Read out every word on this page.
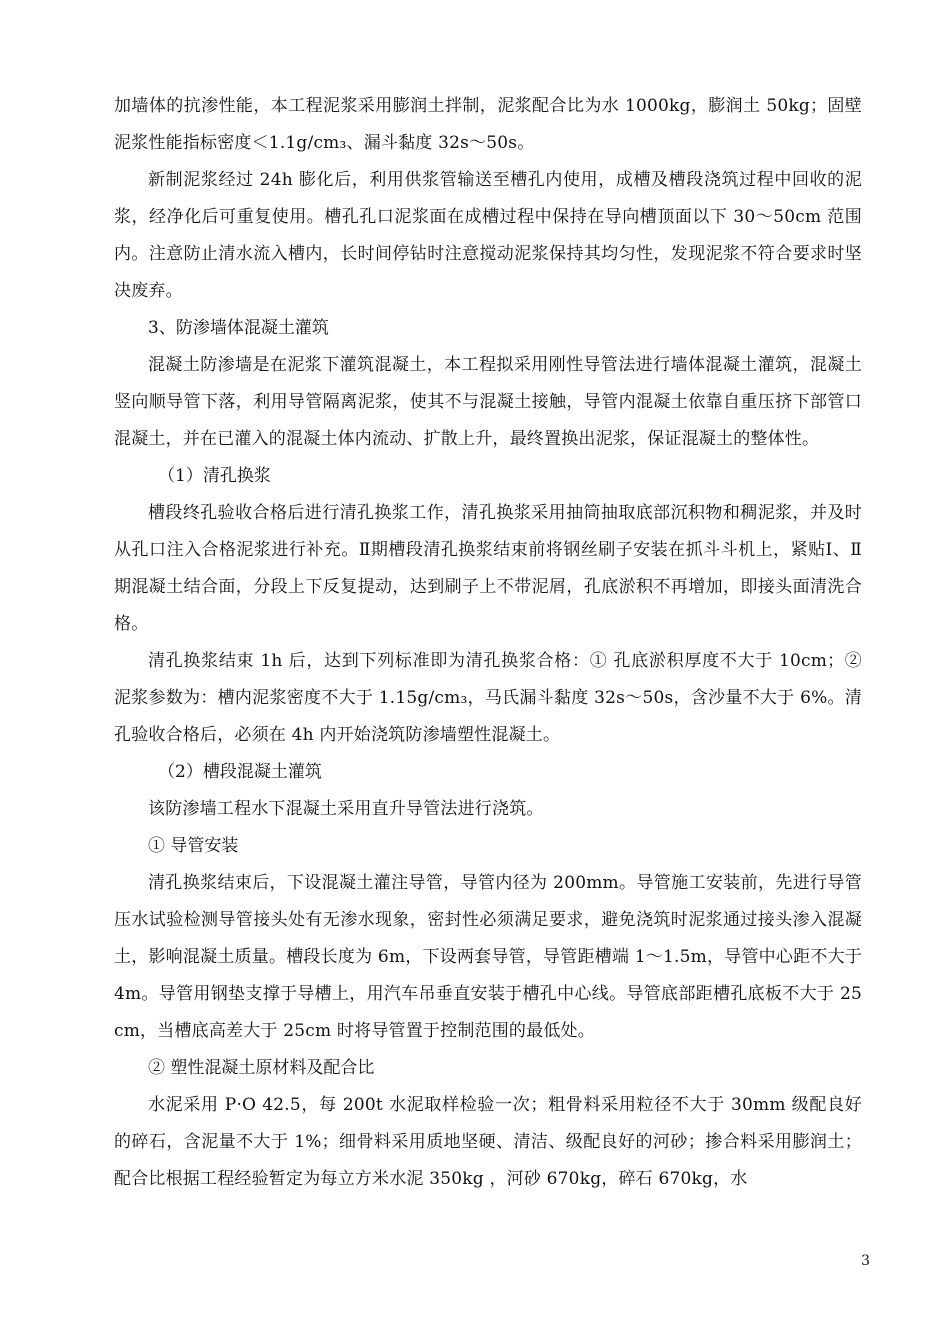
加墙体的抗渗性能，本工程泥浆采用膨润土拌制，泥浆配合比为水 1000kg，膨润土 50kg；固壁泥浆性能指标密度＜1.1g/cm₃、漏斗黏度 32s～50s。

新制泥浆经过 24h 膨化后，利用供浆管输送至槽孔内使用，成槽及槽段浇筑过程中回收的泥浆，经净化后可重复使用。槽孔孔口泥浆面在成槽过程中保持在导向槽顶面以下 30～50cm 范围内。注意防止清水流入槽内，长时间停钻时注意搅动泥浆保持其均匀性，发现泥浆不符合要求时坚决废弃。

3、防渗墙体混凝土灌筑

混凝土防渗墙是在泥浆下灌筑混凝土，本工程拟采用刚性导管法进行墙体混凝土灌筑，混凝土竖向顺导管下落，利用导管隔离泥浆，使其不与混凝土接触，导管内混凝土依靠自重压挤下部管口混凝土，并在已灌入的混凝土体内流动、扩散上升，最终置换出泥浆，保证混凝土的整体性。

（1）清孔换浆

槽段终孔验收合格后进行清孔换浆工作，清孔换浆采用抽筒抽取底部沉积物和稠泥浆，并及时从孔口注入合格泥浆进行补充。Ⅱ期槽段清孔换浆结束前将钢丝刷子安装在抓斗斗机上，紧贴Ⅰ、Ⅱ期混凝土结合面，分段上下反复提动，达到刷子上不带泥屑，孔底淤积不再增加，即接头面清洗合格。

清孔换浆结束 1h 后，达到下列标准即为清孔换浆合格：① 孔底淤积厚度不大于 10cm；② 泥浆参数为：槽内泥浆密度不大于 1.15g/cm₃，马氏漏斗黏度 32s～50s，含沙量不大于 6%。清孔验收合格后，必须在 4h 内开始浇筑防渗墙塑性混凝土。

（2）槽段混凝土灌筑

该防渗墙工程水下混凝土采用直升导管法进行浇筑。

① 导管安装

清孔换浆结束后，下设混凝土灌注导管，导管内径为 200mm。导管施工安装前，先进行导管压水试验检测导管接头处有无渗水现象，密封性必须满足要求，避免浇筑时泥浆通过接头渗入混凝土，影响混凝土质量。槽段长度为 6m，下设两套导管，导管距槽端 1～1.5m，导管中心距不大于 4m。导管用钢垫支撑于导槽上，用汽车吊垂直安装于槽孔中心线。导管底部距槽孔底板不大于 25cm，当槽底高差大于 25cm 时将导管置于控制范围的最低处。

② 塑性混凝土原材料及配合比

水泥采用 P·O 42.5，每 200t 水泥取样检验一次；粗骨料采用粒径不大于 30mm 级配良好的碎石，含泥量不大于 1%；细骨料采用质地坚硬、清洁、级配良好的河砂；掺合料采用膨润土；配合比根据工程经验暂定为每立方米水泥 350kg ，河砂 670kg，碎石 670kg，水

3
